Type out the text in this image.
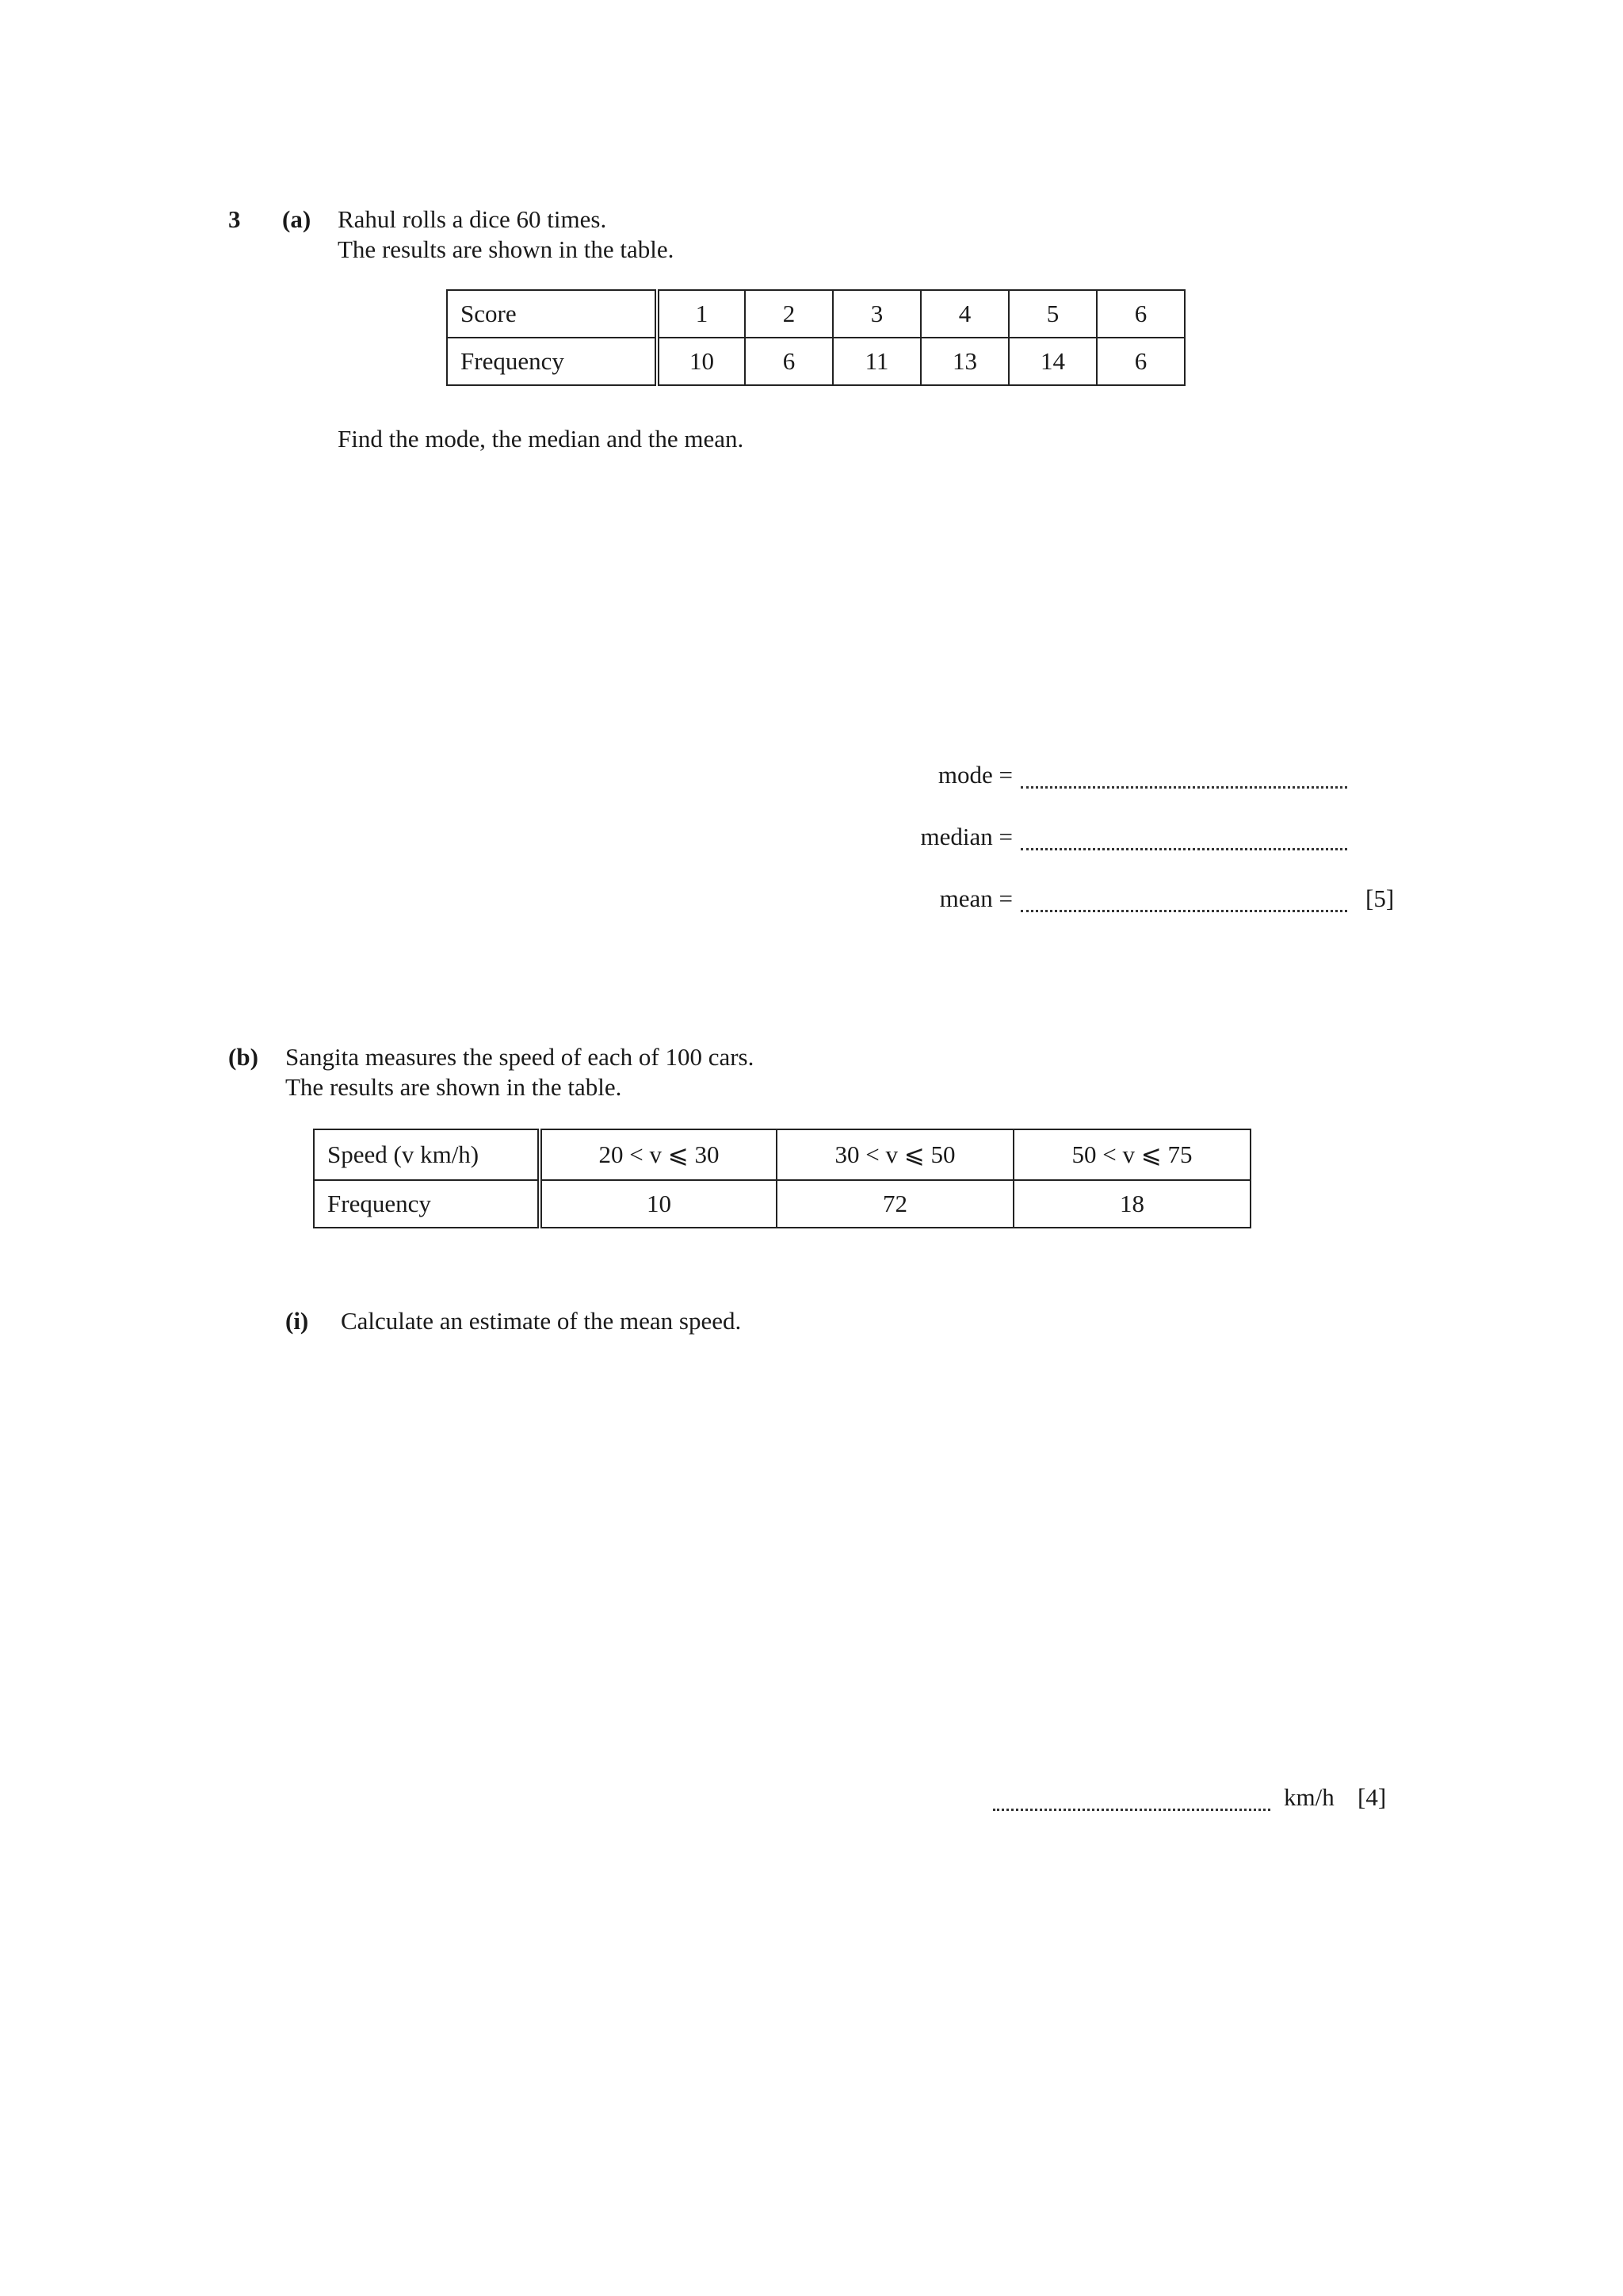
3 (a) Rahul rolls a dice 60 times.
The results are shown in the table.
Score	1	2	3	4	5	6
Frequency	10	6	11	13	14	6
Find the mode, the median and the mean.
mode =
median =
mean =	[5]
(b) Sangita measures the speed of each of 100 cars.
The results are shown in the table.
Speed (v km/h)	20 < v ⩽ 30	30 < v ⩽ 50	50 < v ⩽ 75
Frequency	10	72	18
(i) Calculate an estimate of the mean speed.
km/h [4]
